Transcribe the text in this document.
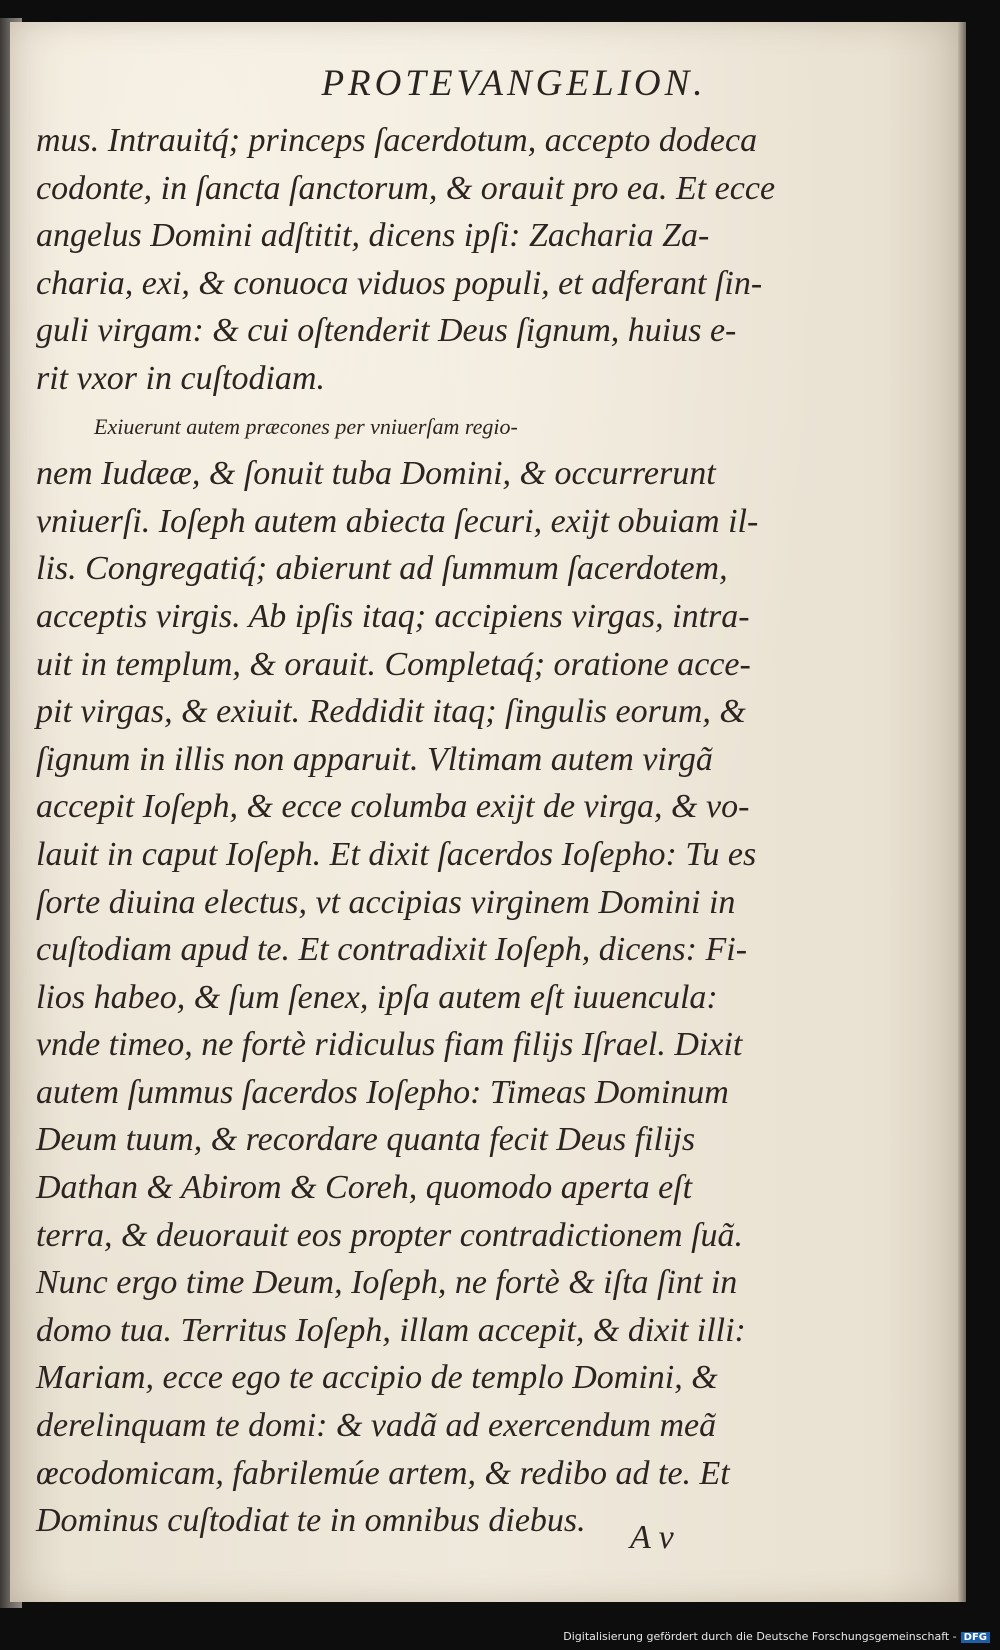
PROTEVANGELION.
mus. Intrauitq́; princeps ſacerdotum, accepto dodeca
codonte, in ſancta ſanctorum, & orauit pro ea. Et ecce
angelus Domini adſtitit, dicens ipſi: Zacharia Za-
charia, exi, & conuoca viduos populi, et adferant ſin-
guli virgam: & cui oſtenderit Deus ſignum, huius e-
rit vxor in cuſtodiam.
Exiuerunt autem præcones per vniuerſam regio-
nem Iudææ, & ſonuit tuba Domini, & occurrerunt
vniuerſi. Ioſeph autem abiecta ſecuri, exijt obuiam il-
lis. Congregatiq́; abierunt ad ſummum ſacerdotem,
acceptis virgis. Ab ipſis itaq; accipiens virgas, intra-
uit in templum, & orauit. Completaq́; oratione acce-
pit virgas, & exiuit. Reddidit itaq; ſingulis eorum, &
ſignum in illis non apparuit. Vltimam autem virgã
accepit Ioſeph, & ecce columba exijt de virga, & vo-
lauit in caput Ioſeph. Et dixit ſacerdos Ioſepho: Tu es
ſorte diuina electus, vt accipias virginem Domini in
cuſtodiam apud te. Et contradixit Ioſeph, dicens: Fi-
lios habeo, & ſum ſenex, ipſa autem eſt iuuencula:
vnde timeo, ne fortè ridiculus fiam filijs Iſrael. Dixit
autem ſummus ſacerdos Ioſepho: Timeas Dominum
Deum tuum, & recordare quanta fecit Deus filijs
Dathan & Abirom & Coreh, quomodo aperta eſt
terra, & deuorauit eos propter contradictionem ſuã.
Nunc ergo time Deum, Ioſeph, ne fortè & iſta ſint in
domo tua. Territus Ioſeph, illam accepit, & dixit illi:
Mariam, ecce ego te accipio de templo Domini, &
derelinquam te domi: & vadã ad exercendum meã
œcodomicam, fabrilemúe artem, & redibo ad te. Et
Dominus cuſtodiat te in omnibus diebus.	A v
Digitalisierung gefördert durch die Deutsche Forschungsgemeinschaft - DFG
